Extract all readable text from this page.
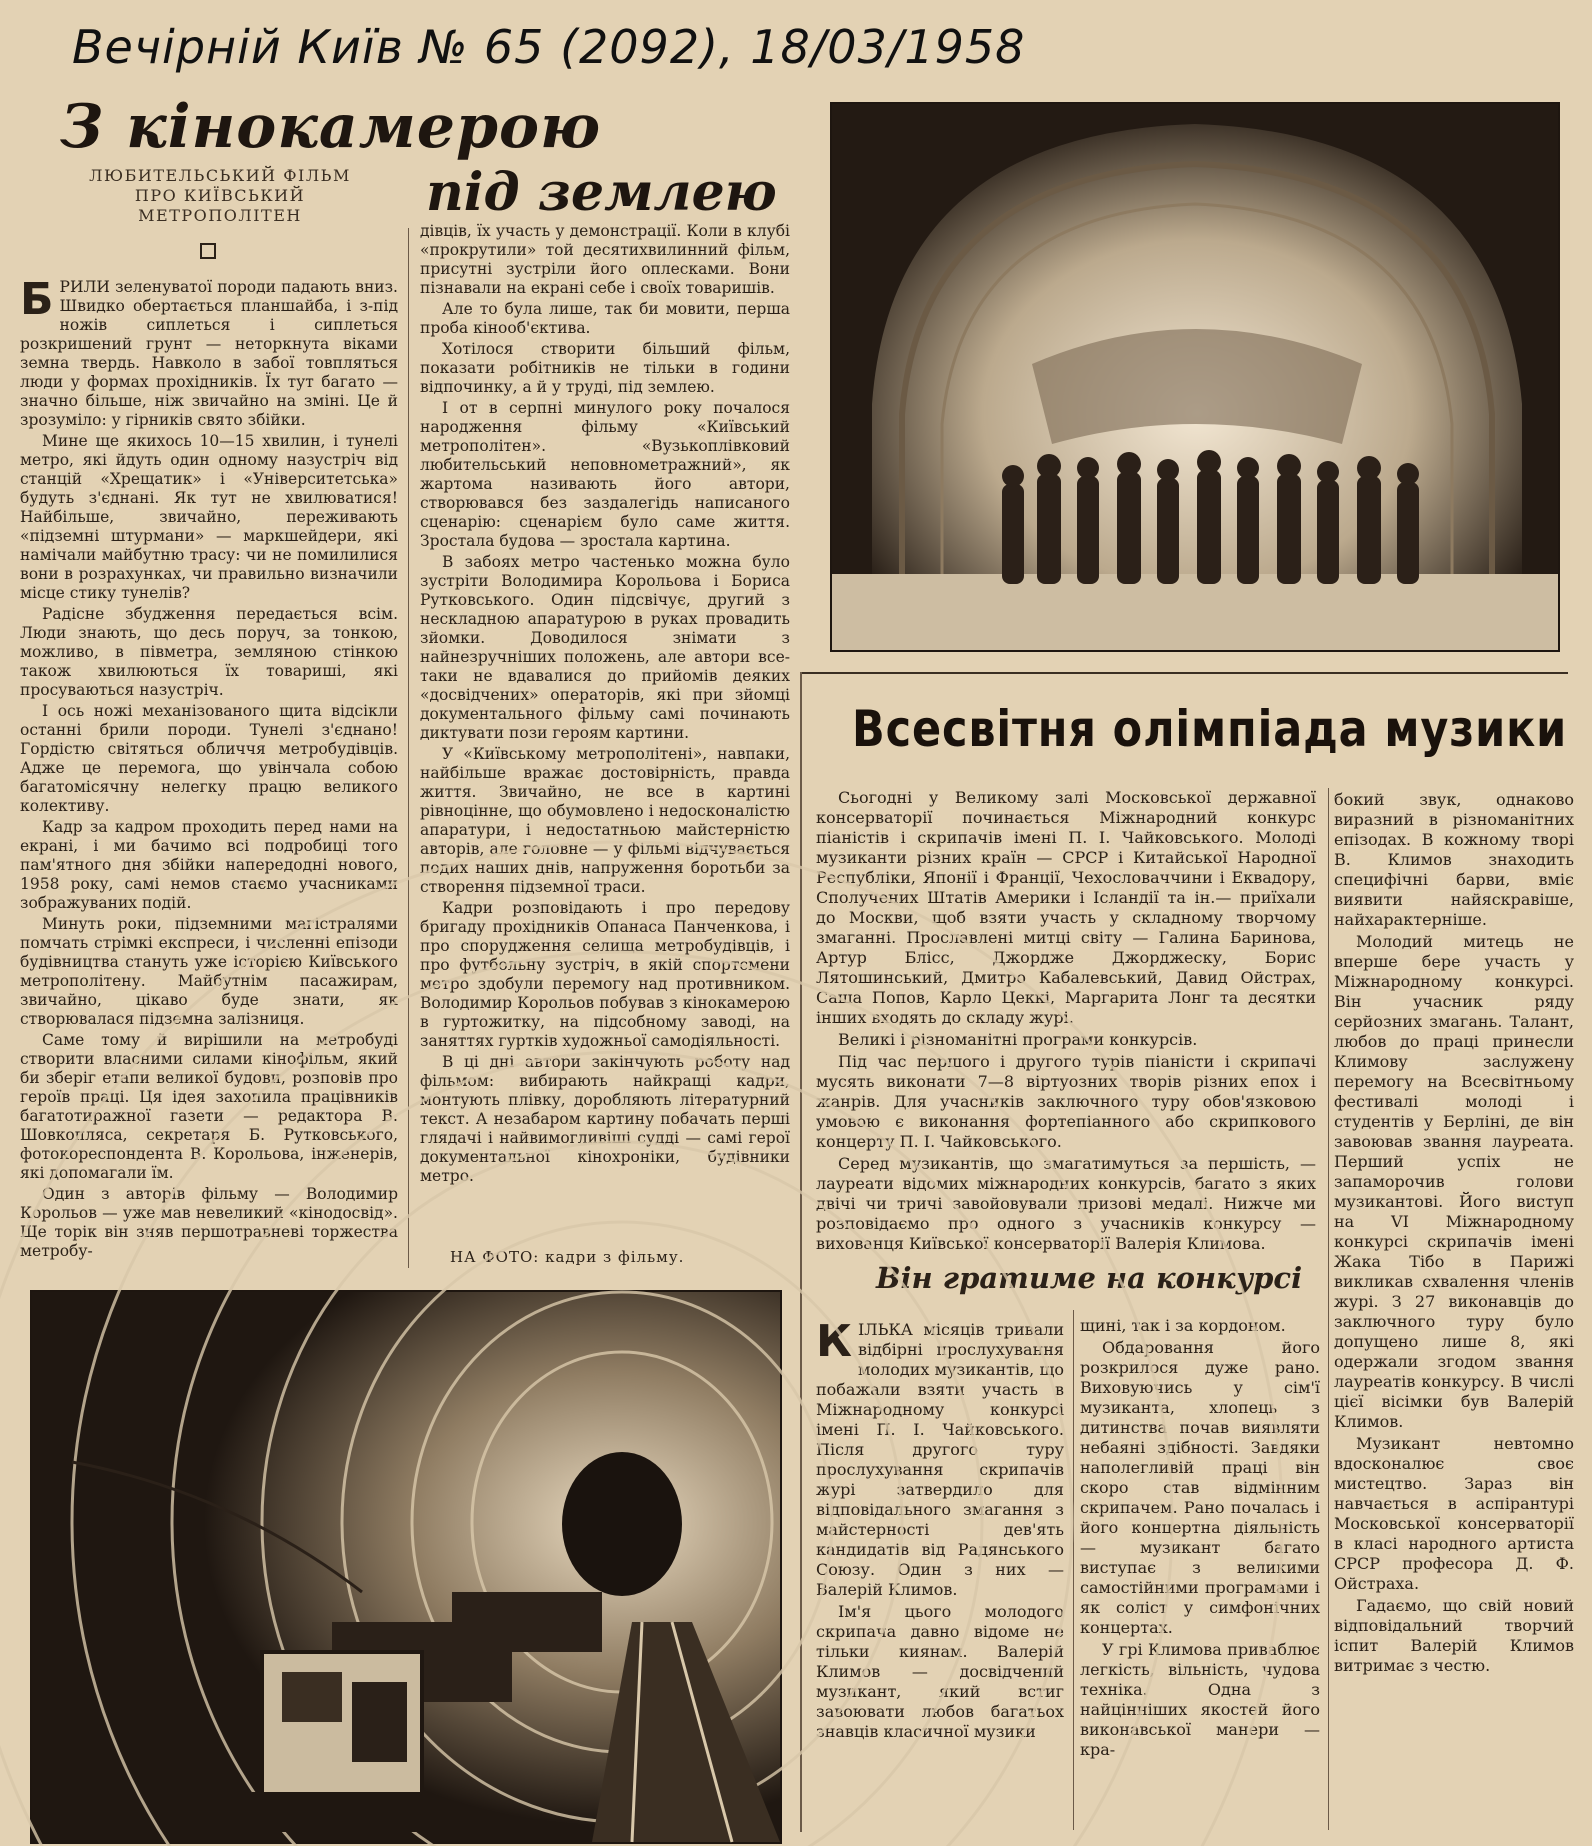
Вечірній Київ № 65 (2092), 18/03/1958
З кінокамерою
під землею
ЛЮБИТЕЛЬСЬКИЙ ФІЛЬМ
ПРО КИЇВСЬКИЙ
МЕТРОПОЛІТЕН

БРИЛИ зеленуватої породи падають вниз. Швидко обертається планшайба, і з-під ножів сиплеться і сиплеться розкришений грунт — неторкнута віками земна твердь. Навколо в забої товпляться люди у формах прохідників. Їх тут багато — значно більше, ніж звичайно на зміні. Це й зрозуміло: у гірників свято збійки.

Мине ще якихось 10—15 хвилин, і тунелі метро, які йдуть один одному назустріч від станцій «Хрещатик» і «Університетська» будуть з'єднані. Як тут не хвилюватися! Найбільше, звичайно, переживають «підземні штурмани» — маркшейдери, які намічали майбутню трасу: чи не помилилися вони в розрахунках, чи правильно визначили місце стику тунелів?

Радісне збудження передається всім. Люди знають, що десь поруч, за тонкою, можливо, в півметра, земляною стінкою також хвилюються їх товариші, які просуваються назустріч.

І ось ножі механізованого щита відсікли останні брили породи. Тунелі з'єднано! Гордістю світяться обличчя метробудівців. Адже це перемога, що увінчала собою багатомісячну нелегку працю великого колективу.

Кадр за кадром проходить перед нами на екрані, і ми бачимо всі подробиці того пам'ятного дня збійки напередодні нового, 1958 року, самі немов стаємо учасниками зображуваних подій.

Минуть роки, підземними магістралями помчать стрімкі експреси, і численні епізоди будівництва стануть уже історією Київського метрополітену. Майбутнім пасажирам, звичайно, цікаво буде знати, як створювалася підземна залізниця.

Саме тому й вирішили на метробуді створити власними силами кінофільм, який би зберіг етапи великої будови, розповів про героїв праці. Ця ідея захопила працівників багатотиражної газети — редактора В. Шовкопляса, секретаря Б. Рутковського, фотокореспондента В. Корольова, інженерів, які допомагали їм.

Один з авторів фільму — Володимир Корольов — уже мав невеликий «кінодосвід». Ще торік він зняв першотравневі торжества метробу-

дівців, їх участь у демонстрації. Коли в клубі «прокрутили» той десятихвилинний фільм, присутні зустріли його оплесками. Вони пізнавали на екрані себе і своїх товаришів.

Але то була лише, так би мовити, перша проба кінооб'єктива.

Хотілося створити більший фільм, показати робітників не тільки в години відпочинку, а й у труді, під землею.

І от в серпні минулого року почалося народження фільму «Київський метрополітен». «Вузькоплівковий любительський неповнометражний», як жартома називають його автори, створювався без заздалегідь написаного сценарію: сценарієм було саме життя. Зростала будова — зростала картина.

В забоях метро частенько можна було зустріти Володимира Корольова і Бориса Рутковського. Один підсвічує, другий з нескладною апаратурою в руках провадить зйомки. Доводилося знімати з найнезручніших положень, але автори все-таки не вдавалися до прийомів деяких «досвідчених» операторів, які при зйомці документального фільму самі починають диктувати пози героям картини.

У «Київському метрополітені», навпаки, найбільше вражає достовірність, правда життя. Звичайно, не все в картині рівноцінне, що обумовлено і недосконалістю апаратури, і недостатньою майстерністю авторів, але головне — у фільмі відчувається подих наших днів, напруження боротьби за створення підземної траси.

Кадри розповідають і про передову бригаду прохідників Опанаса Панченкова, і про спорудження селища метробудівців, і про футбольну зустріч, в якій спортсмени метро здобули перемогу над противником. Володимир Корольов побував з кінокамерою в гуртожитку, на підсобному заводі, на заняттях гуртків художньої самодіяльності.

В ці дні автори закінчують роботу над фільмом: вибирають найкращі кадри, монтують плівку, доробляють літературний текст. А незабаром картину побачать перші глядачі і найвимогливіші судді — самі герої документальної кінохроніки, будівники метро.

НА ФОТО: кадри з фільму.
Всесвітня олімпіада музики

Сьогодні у Великому залі Московської державної консерваторії починається Міжнародний конкурс піаністів і скрипачів імені П. І. Чайковського. Молоді музиканти різних країн — СРСР і Китайської Народної Республіки, Японії і Франції, Чехословаччини і Еквадору, Сполучених Штатів Америки і Ісландії та ін.— приїхали до Москви, щоб взяти участь у складному творчому змаганні. Прославлені митці світу — Галина Баринова, Артур Блісс, Джордже Джорджеску, Борис Лятошинський, Дмитро Кабалевський, Давид Ойстрах, Саша Попов, Карло Цеккі, Маргарита Лонг та десятки інших входять до складу журі.

Великі і різноманітні програми конкурсів.

Під час першого і другого турів піаністи і скрипачі мусять виконати 7—8 віртуозних творів різних епох і жанрів. Для учасників заключного туру обов'язковою умовою є виконання фортепіанного або скрипкового концерту П. І. Чайковського.

Серед музикантів, що змагатимуться за першість, — лауреати відомих міжнародних конкурсів, багато з яких двічі чи тричі завойовували призові медалі. Нижче ми розповідаємо про одного з учасників конкурсу — вихованця Київської консерваторії Валерія Климова.

Він гратиме на конкурсі

КІЛЬКА місяців тривали відбірні прослухування молодих музикантів, що побажали взяти участь в Міжнародному конкурсі імені П. І. Чайковського. Після другого туру прослухування скрипачів журі затвердило для відповідального змагання з майстерності дев'ять кандидатів від Радянського Союзу. Один з них — Валерій Климов.

Ім'я цього молодого скрипача давно відоме не тільки киянам. Валерій Климов — досвідчений музикант, який встиг завоювати любов багатьох знавців класичної музики

щині, так і за кордоном.

Обдаровання його розкрилося дуже рано. Виховуючись у сім'ї музиканта, хлопець з дитинства почав виявляти небаяні здібності. Завдяки наполегливій праці він скоро став відмінним скрипачем. Рано почалась і його концертна діяльність — музикант багато виступає з великими самостійними програмами і як соліст у симфонічних концертах.

У грі Климова приваблює легкість, вільність, чудова техніка. Одна з найцінніших якостей його виконавської манери — кра-

бокий звук, однаково виразний в різноманітних епізодах. В кожному творі В. Климов знаходить специфічні барви, вміє виявити найяскравіше, найхарактерніше.

Молодий митець не вперше бере участь у Міжнародному конкурсі. Він учасник ряду серйозних змагань. Талант, любов до праці принесли Климову заслужену перемогу на Всесвітньому фестивалі молоді і студентів у Берліні, де він завоював звання лауреата. Перший успіх не запаморочив голови музикантові. Його виступ на VI Міжнародному конкурсі скрипачів імені Жака Тібо в Парижі викликав схвалення членів журі. З 27 виконавців до заключного туру було допущено лише 8, які одержали згодом звання лауреатів конкурсу. В числі цієї вісімки був Валерій Климов.

Музикант невтомно вдосконалює своє мистецтво. Зараз він навчається в аспірантурі Московської консерваторії в класі народного артиста СРСР професора Д. Ф. Ойстраха.

Гадаємо, що свій новий відповідальний творчий іспит Валерій Климов витримає з честю.
